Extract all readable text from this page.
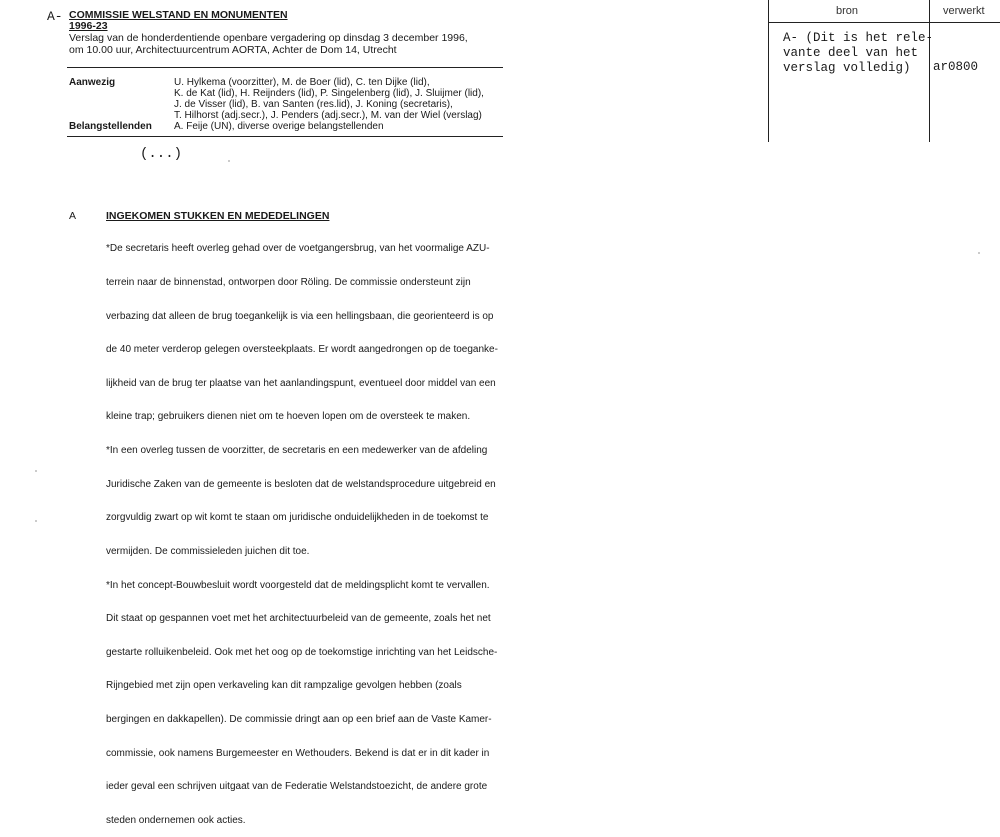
A- COMMISSIE WELSTAND EN MONUMENTEN
1996-23
Verslag van de honderdentiende openbare vergadering op dinsdag 3 december 1996,
om 10.00 uur, Architectuurcentrum AORTA, Achter de Dom 14, Utrecht
Aanwezig	U. Hylkema (voorzitter), M. de Boer (lid), C. ten Dijke (lid),
K. de Kat (lid), H. Reijnders (lid), P. Singelenberg (lid), J. Sluijmer (lid),
J. de Visser (lid), B. van Santen (res.lid), J. Koning (secretaris),
T. Hilhorst (adj.secr.), J. Penders (adj.secr.), M. van der Wiel (verslag)
Belangstellenden A. Feije (UN), diverse overige belangstellenden
(...)
A	INGEKOMEN STUKKEN EN MEDEDELINGEN

*De secretaris heeft overleg gehad over de voetgangersbrug, van het voormalige AZU-

terrein naar de binnenstad, ontworpen door Röling. De commissie ondersteunt zijn

verbazing dat alleen de brug toegankelijk is via een hellingsbaan, die georienteerd is op

de 40 meter verderop gelegen oversteekplaats. Er wordt aangedrongen op de toeganke-

lijkheid van de brug ter plaatse van het aanlandingspunt, eventueel door middel van een

kleine trap; gebruikers dienen niet om te hoeven lopen om de oversteek te maken.

*In een overleg tussen de voorzitter, de secretaris en een medewerker van de afdeling

Juridische Zaken van de gemeente is besloten dat de welstandsprocedure uitgebreid en

zorgvuldig zwart op wit komt te staan om juridische onduidelijkheden in de toekomst te

vermijden. De commissieleden juichen dit toe.

*In het concept-Bouwbesluit wordt voorgesteld dat de meldingsplicht komt te vervallen.

Dit staat op gespannen voet met het architectuurbeleid van de gemeente, zoals het net

gestarte rolluikenbeleid. Ook met het oog op de toekomstige inrichting van het Leidsche-

Rijngebied met zijn open verkaveling kan dit rampzalige gevolgen hebben (zoals

bergingen en dakkapellen). De commissie dringt aan op een brief aan de Vaste Kamer-

commissie, ook namens Burgemeester en Wethouders. Bekend is dat er in dit kader in

ieder geval een schrijven uitgaat van de Federatie Welstandstoezicht, de andere grote

steden ondernemen ook acties.

bron	verwerkt
A- (Dit is het rele-
vante deel van het
verslag volledig)	ar0800
